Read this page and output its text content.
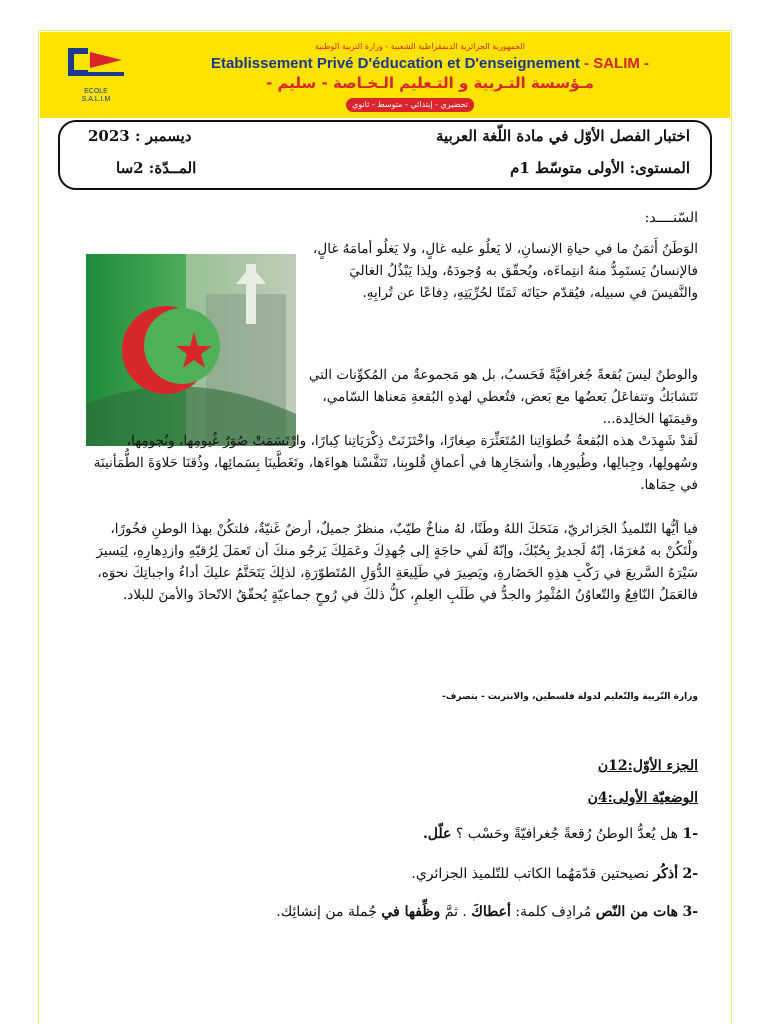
ECOLE
S.A.L.I.M
الجمهورية الجزائرية الديمقراطية الشعبية - وزارة التربية الوطنية
Etablissement Privé D'éducation et D'enseignement - SALIM -
مـؤسسة التـربية و التـعليم الـخـاصة - سليم -
تحضيري - إبتدائي - متوسط - ثانوي
اختبار الفصل الأوّل في مادة اللّغة العربية
ديسمبر : 2023
المستوى: الأولى متوسّط 1م
المــدّة: 2سا
السّنــــد:
الوَطَنُ أَثمَنُ ما في حياةِ الإنسانِ، لا يَعلُو عليه غالٍ، ولا يَغلُو أمامَهُ غالٍ، فالإنسانُ يَستَمِدُّ منهُ انتِماءَه، ويُحقّق به وُجودَهُ، ولِذا يَبْذُلُ الغاليَ والنَّفيسَ في سبيله، فيُقدّم حيَاتَه ثَمَنًا لحُرِّيَتِهِ، دِفاعًا عن تُرابِهِ.
والوطنُ ليسَ بُقعةً جُغرافيَّةً فَحَسبُ، بل هو مَجموعةٌ من المُكوِّنات التي تَتَشابَكُ وتتفاعَلُ بَعضُها مع بَعض، فتُعطي لهذهِ البُقعةِ مَعناها السّامي، وقيمَتَها الخالِدة...
لَقدْ شَهِدَتْ هذه البُقعةُ خُطوَاتِنا المُتَعَثِّرَة صِغارًا، واخْتَزَنَتْ ذِكْرَيَاتِنا كِبارًا، وارْتَسَمَتْ صُوَرُ غُيومِها، ونُجومِها، وسُهولِها، وجِبالِها، وطُيورِها، وأشجَارِها في أعماقِ قُلوبِنا، تَنَفَّسْنا هواءَها، وتَغَطَّينَا بِسَمائِها، وذُقنَا حَلاوَةَ الطُّمَأنينَة في حِمَاها.
فيا أيُّها التّلميذُ الجَزائريّ، مَنَحَكَ اللهُ وطَنًا، لهُ مناخٌ طيّبٌ، منظرٌ جميلٌ، أرضٌ غَنيّةٌ، فلتكُنْ بهذا الوطنِ فخُورًا، ولْتَكُنْ به مُغرَمًا، إنّهُ لَجديرٌ بِحُبّكَ، وإنّهُ لَفي حاجَةٍ إلى جُهدِكَ وعَمَلِكَ يَرجُو منكَ أن تَعمَلَ لِرُقيّهِ وازدِهارِهِ، لِيَسيرَ سَيْرَهُ السَّريعَ في رَكْبِ هذِهِ الحَضَارةِ، ويَصِيرَ في طَلِيعَةِ الدُّوَلِ المُتَطوّرَةِ، لذلِكَ يَتَحَتَّمُ عليكَ أداءُ واجباتِكَ نحوَه، فالعَمَلُ النّافِعُ والتّعاوُنُ المُثْمِرُ والجدُّ في طَلَبِ العِلمِ، كلُّ ذلكَ في رُوحٍ جماعيّةٍ يُحقّقُ الاتّحادَ والأمنَ للبلاد.
وزارة التّربية والتّعليم لدولة فلسطين، والانترنت - بتصرف-
الجزء الأوّل:12ن
الوضعيّة الأولى:4ن
-1 هل يُعدُّ الوطنُ رُقعةً جُغرافيّةً وحَسْب ؟ علّل.
-2 أذكُر نصيحتين قدّمَهُما الكاتب للتّلميذ الجزائري.
-3 هات من النّص مُرادِف كلمة: أعطاكَ . ثمَّ وظِّفها في جُملة من إنشائِك.
